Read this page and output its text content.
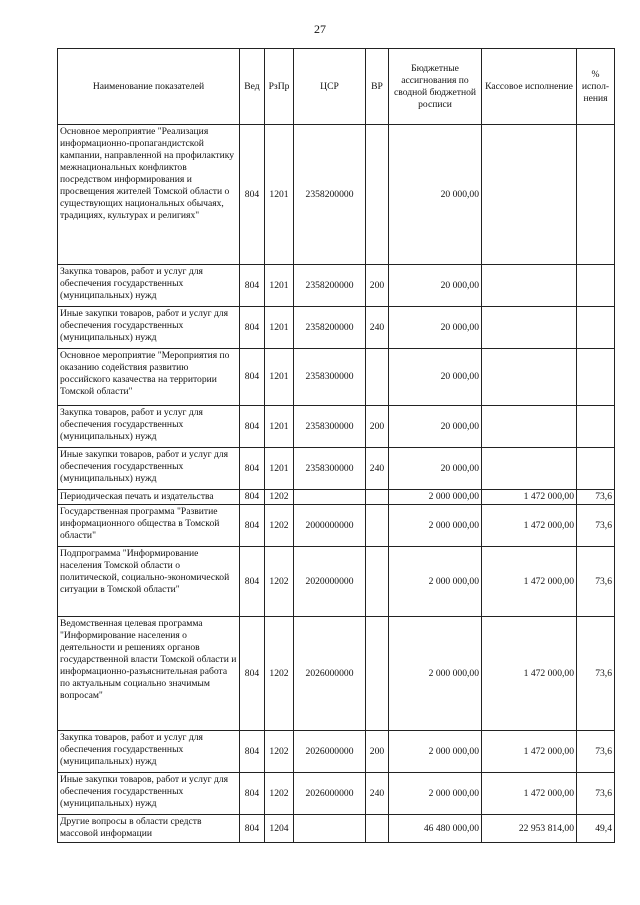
27
Наименование показателей	Вед	РзПр	ЦСР	ВР	Бюджетные ассигнования по сводной бюджетной росписи	Кассовое исполнение	% испол-нения
Основное мероприятие "Реализация информационно-пропагандистской кампании, направленной на профилактику межнациональных конфликтов посредством информирования и просвещения жителей Томской области о существующих национальных обычаях, традициях, культурах и религиях"	804	1201	2358200000		20 000,00		
Закупка товаров, работ и услуг для обеспечения государственных (муниципальных) нужд	804	1201	2358200000	200	20 000,00		
Иные закупки товаров, работ и услуг для обеспечения государственных (муниципальных) нужд	804	1201	2358200000	240	20 000,00		
Основное мероприятие "Мероприятия по оказанию содействия развитию российского казачества на территории Томской области"	804	1201	2358300000		20 000,00		
Закупка товаров, работ и услуг для обеспечения государственных (муниципальных) нужд	804	1201	2358300000	200	20 000,00		
Иные закупки товаров, работ и услуг для обеспечения государственных (муниципальных) нужд	804	1201	2358300000	240	20 000,00		
Периодическая печать и издательства	804	1202			2 000 000,00	1 472 000,00	73,6
Государственная программа "Развитие информационного общества в Томской области"	804	1202	2000000000		2 000 000,00	1 472 000,00	73,6
Подпрограмма "Информирование населения Томской области о политической, социально-экономической ситуации в Томской области"	804	1202	2020000000		2 000 000,00	1 472 000,00	73,6
Ведомственная целевая программа "Информирование населения о деятельности и решениях органов государственной власти Томской области и информационно-разъяснительная работа по актуальным социально значимым вопросам"	804	1202	2026000000		2 000 000,00	1 472 000,00	73,6
Закупка товаров, работ и услуг для обеспечения государственных (муниципальных) нужд	804	1202	2026000000	200	2 000 000,00	1 472 000,00	73,6
Иные закупки товаров, работ и услуг для обеспечения государственных (муниципальных) нужд	804	1202	2026000000	240	2 000 000,00	1 472 000,00	73,6
Другие вопросы в области средств массовой информации	804	1204			46 480 000,00	22 953 814,00	49,4
